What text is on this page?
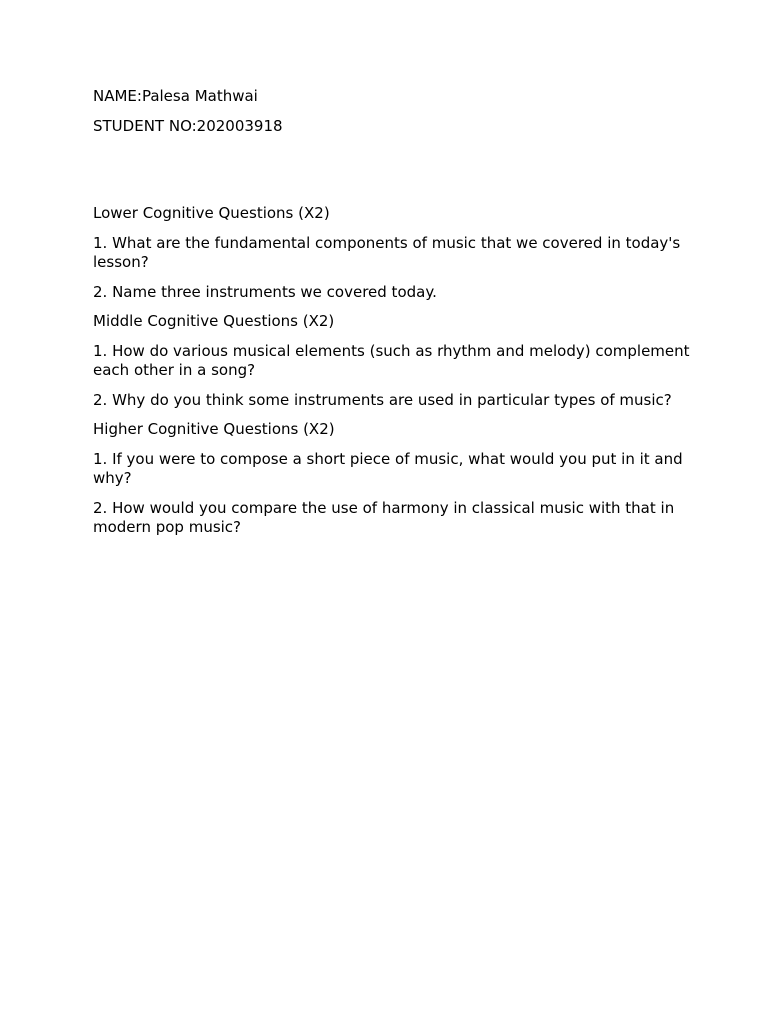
NAME:Palesa Mathwai

STUDENT NO:202003918

Lower Cognitive Questions (X2)

1. What are the fundamental components of music that we covered in today's lesson?

2. Name three instruments we covered today.

Middle Cognitive Questions (X2)

1. How do various musical elements (such as rhythm and melody) complement each other in a song?

2. Why do you think some instruments are used in particular types of music?

Higher Cognitive Questions (X2)

1. If you were to compose a short piece of music, what would you put in it and why?

2. How would you compare the use of harmony in classical music with that in modern pop music?
